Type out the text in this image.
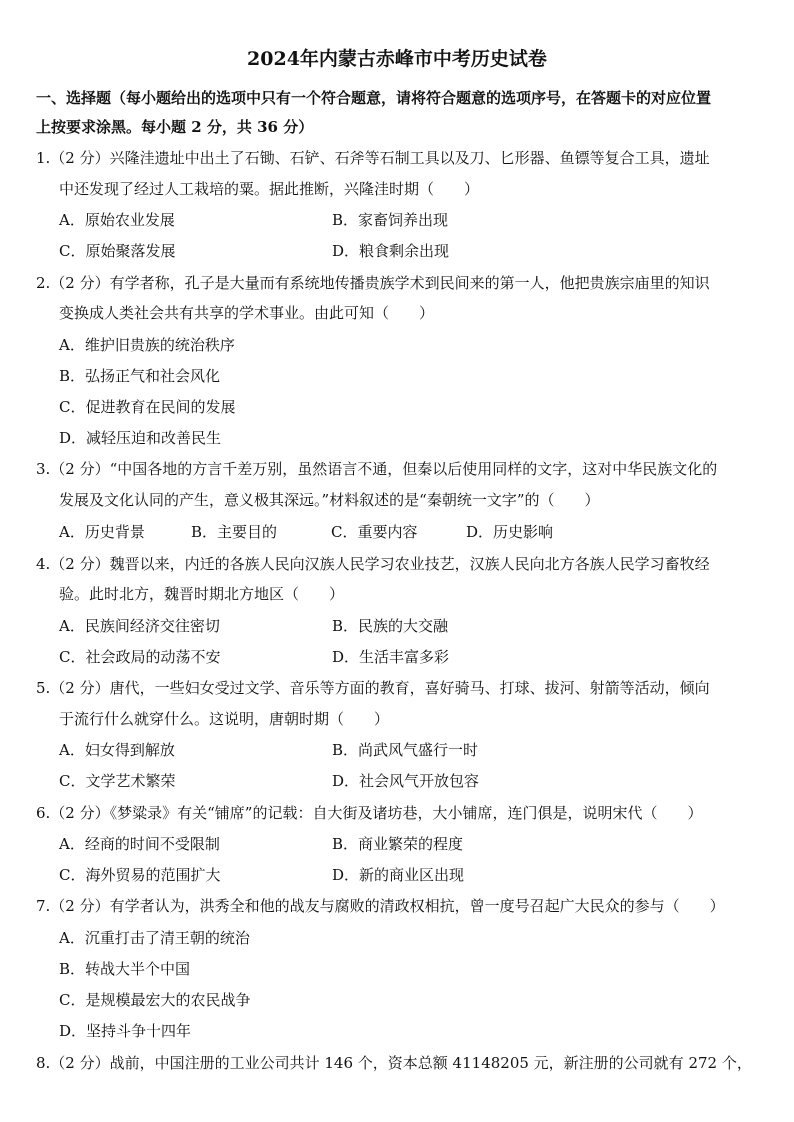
2024年内蒙古赤峰市中考历史试卷
一、选择题（每小题给出的选项中只有一个符合题意，请将符合题意的选项序号，在答题卡的对应位置
上按要求涂黑。每小题 2 分，共 36 分）
1.（2 分）兴隆洼遗址中出土了石锄、石铲、石斧等石制工具以及刀、匕形器、鱼镖等复合工具，遗址
中还发现了经过人工栽培的粟。据此推断，兴隆洼时期（　　）
A．原始农业发展	B．家畜饲养出现
C．原始聚落发展	D．粮食剩余出现
2.（2 分）有学者称，孔子是大量而有系统地传播贵族学术到民间来的第一人，他把贵族宗庙里的知识
变换成人类社会共有共享的学术事业。由此可知（　　）
A．维护旧贵族的统治秩序
B．弘扬正气和社会风化
C．促进教育在民间的发展
D．减轻压迫和改善民生
3.（2 分）“中国各地的方言千差万别，虽然语言不通，但秦以后使用同样的文字，这对中华民族文化的
发展及文化认同的产生，意义极其深远。”材料叙述的是“秦朝统一文字”的（　　）
A．历史背景	B．主要目的	C．重要内容	D．历史影响
4.（2 分）魏晋以来，内迁的各族人民向汉族人民学习农业技艺，汉族人民向北方各族人民学习畜牧经
验。此时北方，魏晋时期北方地区（　　）
A．民族间经济交往密切	B．民族的大交融
C．社会政局的动荡不安	D．生活丰富多彩
5.（2 分）唐代，一些妇女受过文学、音乐等方面的教育，喜好骑马、打球、拔河、射箭等活动，倾向
于流行什么就穿什么。这说明，唐朝时期（　　）
A．妇女得到解放	B．尚武风气盛行一时
C．文学艺术繁荣	D．社会风气开放包容
6.（2 分）《梦粱录》有关“铺席”的记载：自大街及诸坊巷，大小铺席，连门俱是，说明宋代（　　）
A．经商的时间不受限制	B．商业繁荣的程度
C．海外贸易的范围扩大	D．新的商业区出现
7.（2 分）有学者认为，洪秀全和他的战友与腐败的清政权相抗，曾一度号召起广大民众的参与（　　）
A．沉重打击了清王朝的统治
B．转战大半个中国
C．是规模最宏大的农民战争
D．坚持斗争十四年
8.（2 分）战前，中国注册的工业公司共计 146 个，资本总额 41148205 元，新注册的公司就有 272 个，
